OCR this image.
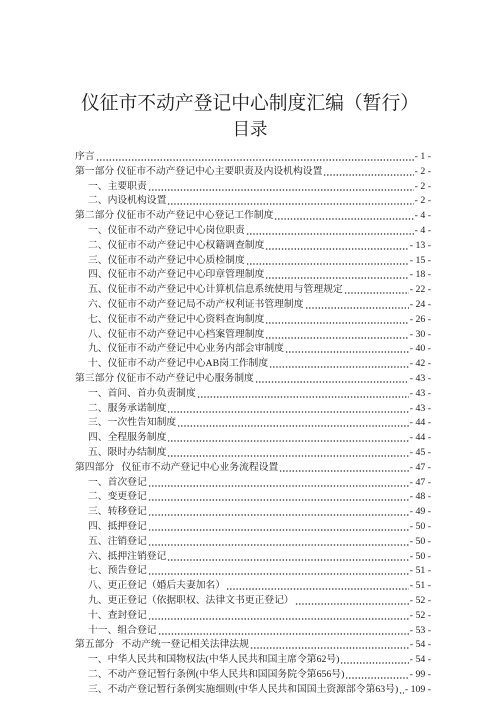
仪征市不动产登记中心制度汇编（暂行）
目录
序言	- 1 -
第一部分 仪征市不动产登记中心主要职责及内设机构设置	- 2 -
一、主要职责	- 2 -
二、内设机构设置	- 2 -
第二部分 仪征市不动产登记中心登记工作制度	- 4 -
一、仪征市不动产登记中心岗位职责	- 4 -
二、仪征市不动产登记中心权籍调查制度	- 13 -
三、仪征市不动产登记中心质检制度	- 15 -
四、仪征市不动产登记中心印章管理制度	- 18 -
五、仪征市不动产登记中心计算机信息系统使用与管理规定	- 22 -
六、仪征市不动产登记局不动产权利证书管理制度	- 24 -
七、仪征市不动产登记中心资料查询制度	- 26 -
八、仪征市不动产登记中心档案管理制度	- 30 -
九、仪征市不动产登记中心业务内部会审制度	- 40 -
十、仪征市不动产登记中心AB岗工作制度	- 42 -
第三部分 仪征市不动产登记中心服务制度	- 43 -
一、首问、首办负责制度	- 43 -
二、服务承诺制度	- 43 -
三、一次性告知制度	- 44 -
四、全程服务制度	- 44 -
五、限时办结制度	- 45 -
第四部分   仪征市不动产登记中心业务流程设置	- 47 -
一、首次登记	- 47 -
二、变更登记	- 48 -
三、转移登记	- 49 -
四、抵押登记	- 50 -
五、注销登记	- 50 -
六、抵押注销登记	- 50 -
七、预告登记	- 51 -
八、更正登记（婚后夫妻加名）	- 51 -
九、更正登记（依据职权、法律文书更正登记）	- 52 -
十、查封登记	- 52 -
十一、组合登记	- 53 -
第五部分   不动产统一登记相关法律法规	- 54 -
一、中华人民共和国物权法(中华人民共和国主席令第62号)	- 54 -
二、不动产登记暂行条例(中华人民共和国国务院令第656号)	- 99 -
三、不动产登记暂行条例实施细则(中华人民共和国国土资源部令第63号) - 109 -
